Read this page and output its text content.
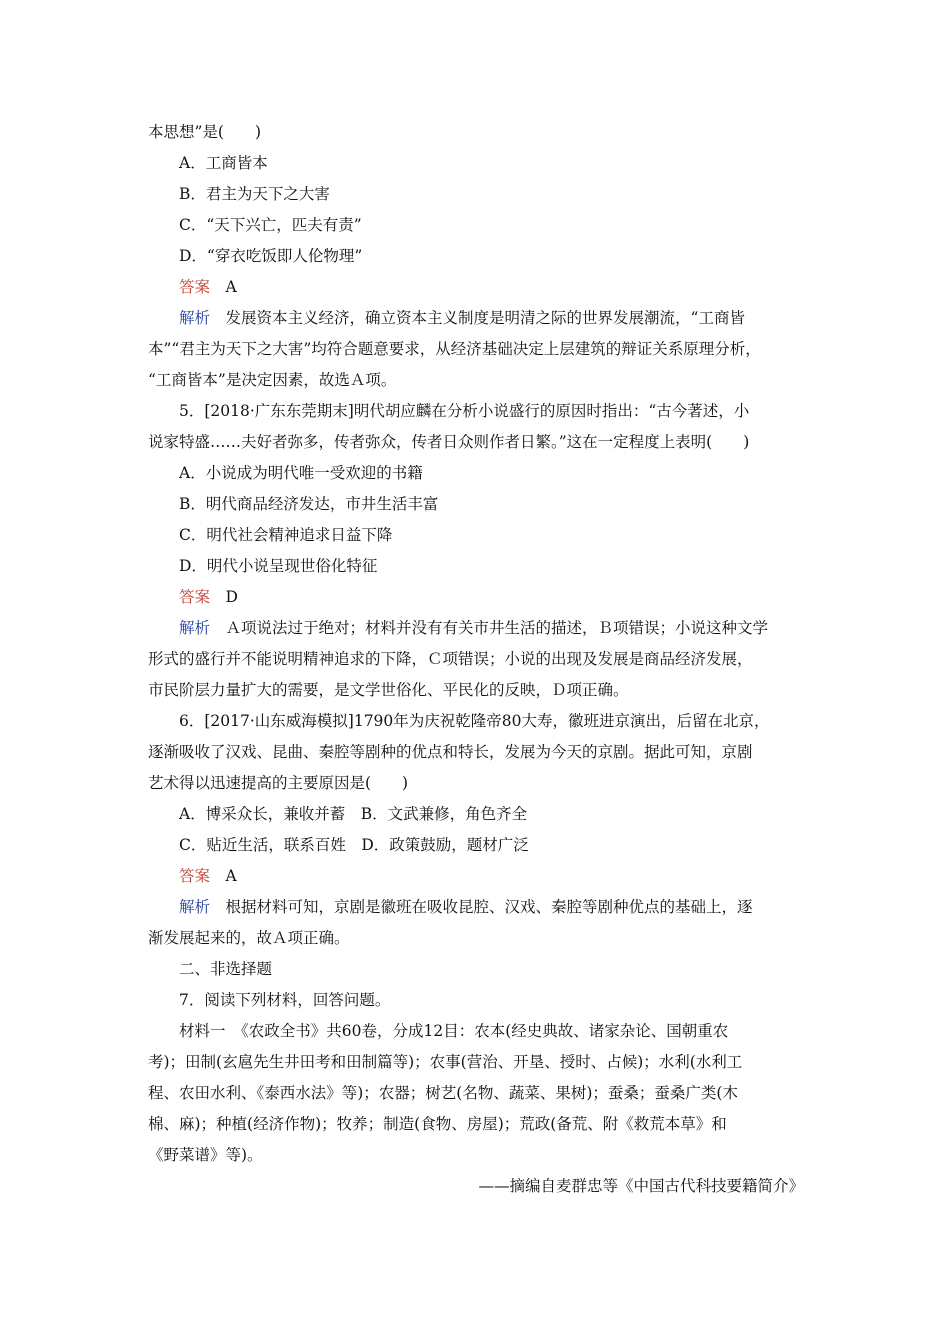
本思想”是(　　)
A．工商皆本
B．君主为天下之大害
C．“天下兴亡，匹夫有责”
D．“穿衣吃饭即人伦物理”
答案　 A
解析　 发展资本主义经济，确立资本主义制度是明清之际的世界发展潮流，“工商皆
本”“君主为天下之大害”均符合题意要求，从经济基础决定上层建筑的辩证关系原理分析，
“工商皆本”是决定因素，故选Ａ项。
5．[2018·广东东莞期末]明代胡应麟在分析小说盛行的原因时指出：“古今著述，小
说家特盛……夫好者弥多，传者弥众，传者日众则作者日繁。”这在一定程度上表明(　　)
A．小说成为明代唯一受欢迎的书籍
B．明代商品经济发达，市井生活丰富
C．明代社会精神追求日益下降
D．明代小说呈现世俗化特征
答案　 D
解析　 Ａ项说法过于绝对；材料并没有有关市井生活的描述，Ｂ项错误；小说这种文学
形式的盛行并不能说明精神追求的下降，Ｃ项错误；小说的出现及发展是商品经济发展，
市民阶层力量扩大的需要，是文学世俗化、平民化的反映，Ｄ项正确。
6．[2017·山东威海模拟]1790年为庆祝乾隆帝80大寿，徽班进京演出，后留在北京，
逐渐吸收了汉戏、昆曲、秦腔等剧种的优点和特长，发展为今天的京剧。据此可知，京剧
艺术得以迅速提高的主要原因是(　　)
A．博采众长，兼收并蓄　B．文武兼修，角色齐全
C．贴近生活，联系百姓　D．政策鼓励，题材广泛
答案　 A
解析　 根据材料可知，京剧是徽班在吸收昆腔、汉戏、秦腔等剧种优点的基础上，逐
渐发展起来的，故Ａ项正确。
二、非选择题
7．阅读下列材料，回答问题。
材料一　《农政全书》共60卷，分成12目：农本(经史典故、诸家杂论、国朝重农
考)；田制(玄扈先生井田考和田制篇等)；农事(营治、开垦、授时、占候)；水利(水利工
程、农田水利、《泰西水法》等)；农器；树艺(名物、蔬菜、果树)；蚕桑；蚕桑广类(木
棉、麻)；种植(经济作物)；牧养；制造(食物、房屋)；荒政(备荒、附《救荒本草》和
《野菜谱》等)。
——摘编自麦群忠等《中国古代科技要籍简介》
